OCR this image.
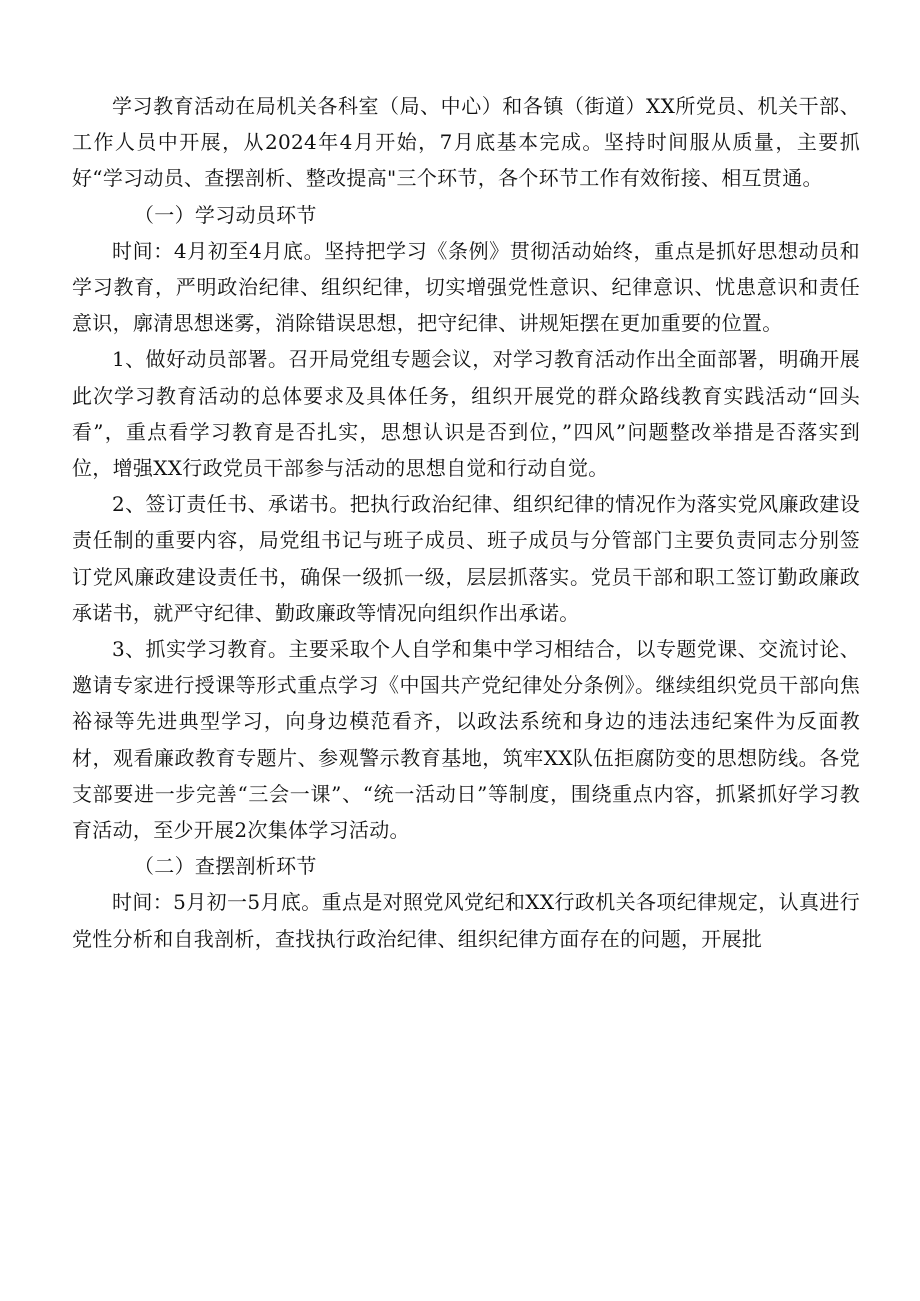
学习教育活动在局机关各科室（局、中心）和各镇（街道）XX所党员、机关干部、工作人员中开展，从2024年4月开始，7月底基本完成。坚持时间服从质量，主要抓好“学习动员、查摆剖析、整改提高"三个环节，各个环节工作有效衔接、相互贯通。

（一）学习动员环节

时间：4月初至4月底。坚持把学习《条例》贯彻活动始终，重点是抓好思想动员和学习教育，严明政治纪律、组织纪律，切实增强党性意识、纪律意识、忧患意识和责任意识，廓清思想迷雾，消除错误思想，把守纪律、讲规矩摆在更加重要的位置。

1、做好动员部署。召开局党组专题会议，对学习教育活动作出全面部署，明确开展此次学习教育活动的总体要求及具体任务，组织开展党的群众路线教育实践活动“回头看”，重点看学习教育是否扎实，思想认识是否到位，”四风”问题整改举措是否落实到位，增强XX行政党员干部参与活动的思想自觉和行动自觉。

2、签订责任书、承诺书。把执行政治纪律、组织纪律的情况作为落实党风廉政建设责任制的重要内容，局党组书记与班子成员、班子成员与分管部门主要负责同志分别签订党风廉政建设责任书，确保一级抓一级，层层抓落实。党员干部和职工签订勤政廉政承诺书，就严守纪律、勤政廉政等情况向组织作出承诺。

3、抓实学习教育。主要采取个人自学和集中学习相结合，以专题党课、交流讨论、邀请专家进行授课等形式重点学习《中国共产党纪律处分条例》。继续组织党员干部向焦裕禄等先进典型学习，向身边模范看齐，以政法系统和身边的违法违纪案件为反面教材，观看廉政教育专题片、参观警示教育基地，筑牢XX队伍拒腐防变的思想防线。各党支部要进一步完善“三会一课”、“统一活动日”等制度，围绕重点内容，抓紧抓好学习教育活动，至少开展2次集体学习活动。

（二）查摆剖析环节

时间：5月初一5月底。重点是对照党风党纪和XX行政机关各项纪律规定，认真进行党性分析和自我剖析，查找执行政治纪律、组织纪律方面存在的问题，开展批
